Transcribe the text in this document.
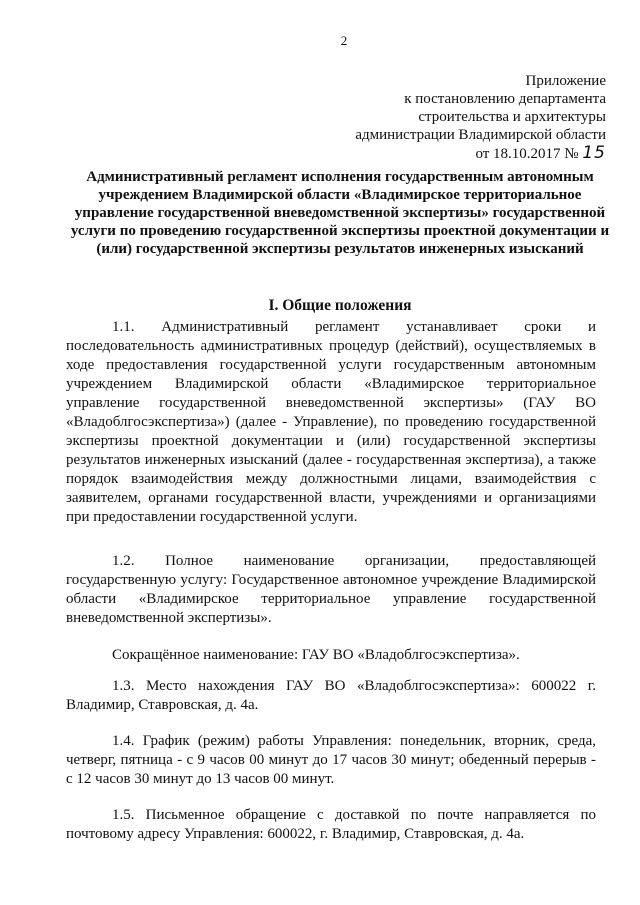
2
Приложение
к постановлению департамента
строительства и архитектуры
администрации Владимирской области
от 18.10.2017 № 15
Административный регламент исполнения государственным автономным учреждением Владимирской области «Владимирское территориальное управление государственной вневедомственной экспертизы» государственной услуги по проведению государственной экспертизы проектной документации и (или) государственной экспертизы результатов инженерных изысканий
I. Общие положения

1.1. Административный регламент устанавливает сроки и последовательность административных процедур (действий), осуществляемых в ходе предоставления государственной услуги государственным автономным учреждением Владимирской области «Владимирское территориальное управление государственной вневедомственной экспертизы» (ГАУ ВО «Владоблгосэкспертиза») (далее - Управление), по проведению государственной экспертизы проектной документации и (или) государственной экспертизы результатов инженерных изысканий (далее - государственная экспертиза), а также порядок взаимодействия между должностными лицами, взаимодействия с заявителем, органами государственной власти, учреждениями и организациями при предоставлении государственной услуги.

1.2. Полное наименование организации, предоставляющей государственную услугу: Государственное автономное учреждение Владимирской области «Владимирское территориальное управление государственной вневедомственной экспертизы».

Сокращённое наименование: ГАУ ВО «Владоблгосэкспертиза».

1.3. Место нахождения ГАУ ВО «Владоблгосэкспертиза»: 600022 г. Владимир, Ставровская, д. 4а.

1.4. График (режим) работы Управления: понедельник, вторник, среда, четверг, пятница - с 9 часов 00 минут до 17 часов 30 минут; обеденный перерыв - с 12 часов 30 минут до 13 часов 00 минут.

1.5. Письменное обращение с доставкой по почте направляется по почтовому адресу Управления: 600022, г. Владимир, Ставровская, д. 4а.
